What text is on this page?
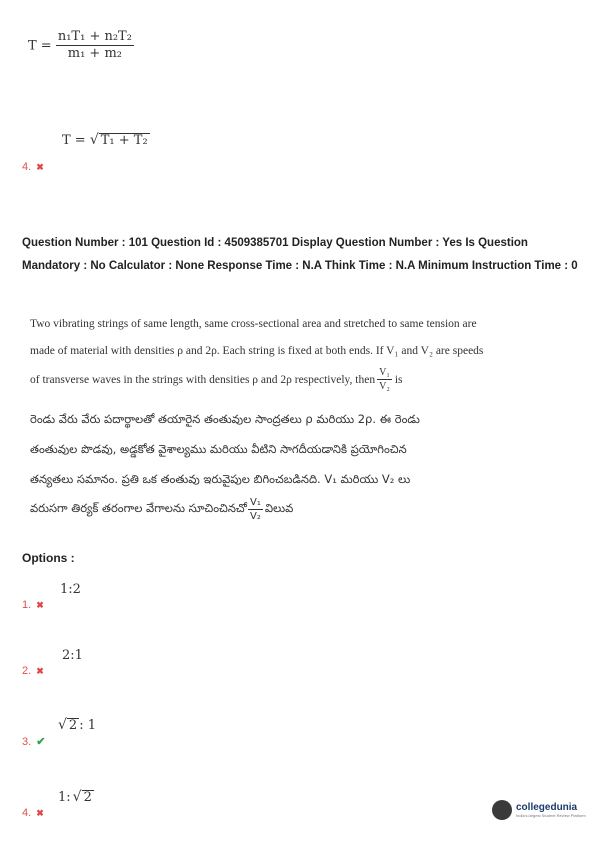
$T = \frac{\text{n₁T₁ + n₂T₂}}{\text{m₁ + m₂}}$
T = √ T₁ + T₂
4. ✖
Question Number : 101 Question Id : 4509385701 Display Question Number : Yes Is Question Mandatory : No Calculator : None Response Time : N.A Think Time : N.A Minimum Instruction Time : 0
Two vibrating strings of same length, same cross-sectional area and stretched to same tension are
made of material with densities ρ and 2ρ. Each string is fixed at both ends. If V₁ and V₂ are speeds
of transverse waves in the strings with densities ρ and 2ρ respectively, then $\frac{\text{V₁}}{\text{V₂}}$ is
రెండు వేరు వేరు పదార్థాలతో తయారైన తంతువుల సాంద్రతలు ρ మరియు 2ρ. ఈ రెండు
తంతువుల పొడవు, అడ్డకోత వైశాల్యము మరియు వీటిని సాగదీయడానికి ప్రయోగించిన
తన్యతలు సమానం. ప్రతి ఒక తంతువు ఇరువైపుల బిగించబడినది. V₁ మరియు V₂ లు
వరుసగా తిర్యక్ తరంగాల వేగాలను సూచించినచో $\frac{\text{V₁}}{\text{V₂}}$ విలువ
Options :
1:2
1. ✖
2:1
2. ✖
√ 2 : 1
3. ✔
1: √ 2
4. ✖
collegedunia
India's largest Student Review Platform
